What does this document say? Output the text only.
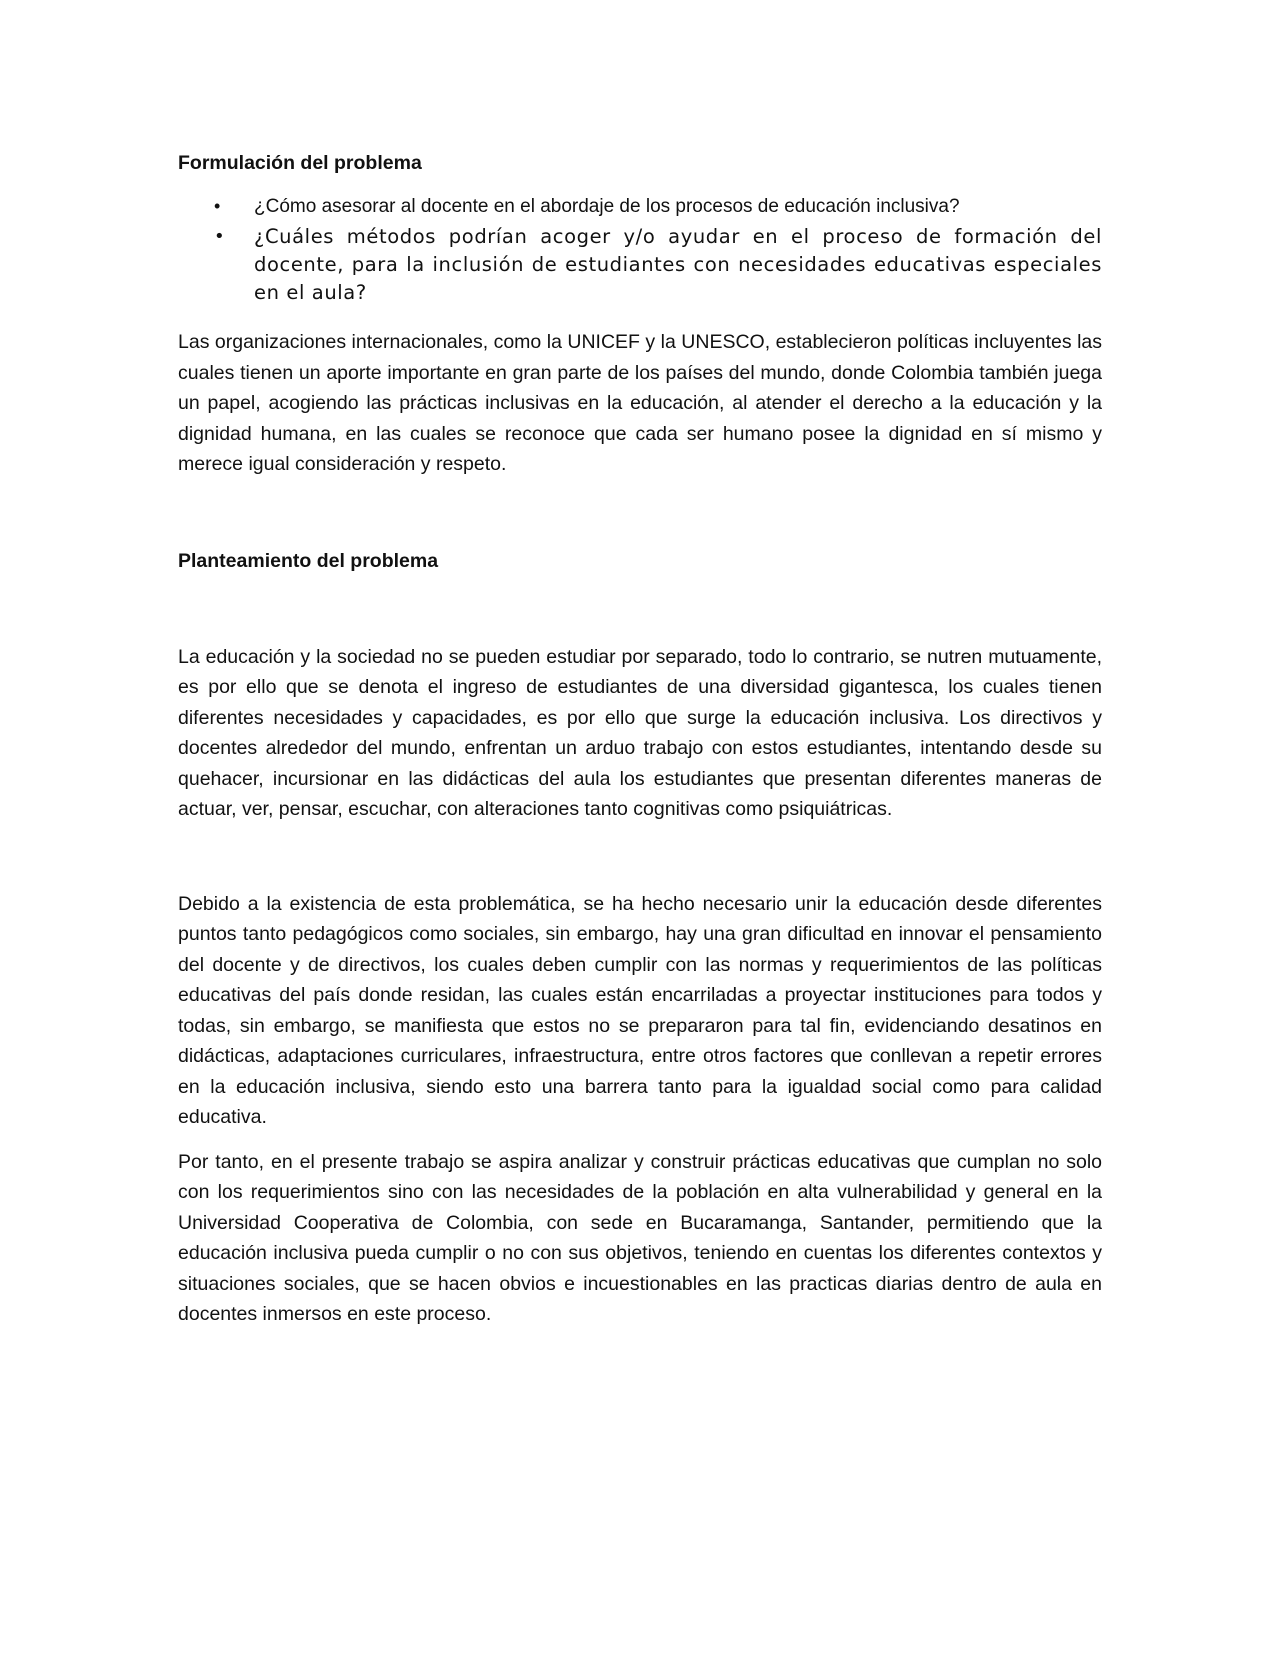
Formulación del problema
• ¿Cómo asesorar al docente en el abordaje de los procesos de educación inclusiva?
• ¿Cuáles métodos podrían acoger y/o ayudar en el proceso de formación del docente, para la inclusión de estudiantes con necesidades educativas especiales en el aula?

Las organizaciones internacionales, como la UNICEF y la UNESCO, establecieron políticas incluyentes las cuales tienen un aporte importante en gran parte de los países del mundo, donde Colombia también juega un papel, acogiendo las prácticas inclusivas en la educación, al atender el derecho a la educación y la dignidad humana, en las cuales se reconoce que cada ser humano posee la dignidad en sí mismo y merece igual consideración y respeto.

Planteamiento del problema

La educación y la sociedad no se pueden estudiar por separado, todo lo contrario, se nutren mutuamente, es por ello que se denota el ingreso de estudiantes de una diversidad gigantesca, los cuales tienen diferentes necesidades y capacidades, es por ello que surge la educación inclusiva. Los directivos y docentes alrededor del mundo, enfrentan un arduo trabajo con estos estudiantes, intentando desde su quehacer, incursionar en las didácticas del aula los estudiantes que presentan diferentes maneras de actuar, ver, pensar, escuchar, con alteraciones tanto cognitivas como psiquiátricas.

Debido a la existencia de esta problemática, se ha hecho necesario unir la educación desde diferentes puntos tanto pedagógicos como sociales, sin embargo, hay una gran dificultad en innovar el pensamiento del docente y de directivos, los cuales deben cumplir con las normas y requerimientos de las políticas educativas del país donde residan, las cuales están encarriladas a proyectar instituciones para todos y todas, sin embargo, se manifiesta que estos no se prepararon para tal fin, evidenciando desatinos en didácticas, adaptaciones curriculares, infraestructura, entre otros factores que conllevan a repetir errores en la educación inclusiva, siendo esto una barrera tanto para la igualdad social como para calidad educativa.

Por tanto, en el presente trabajo se aspira analizar y construir prácticas educativas que cumplan no solo con los requerimientos sino con las necesidades de la población en alta vulnerabilidad y general en la Universidad Cooperativa de Colombia, con sede en Bucaramanga, Santander, permitiendo que la educación inclusiva pueda cumplir o no con sus objetivos, teniendo en cuentas los diferentes contextos y situaciones sociales, que se hacen obvios e incuestionables en las practicas diarias dentro de aula en docentes inmersos en este proceso.
